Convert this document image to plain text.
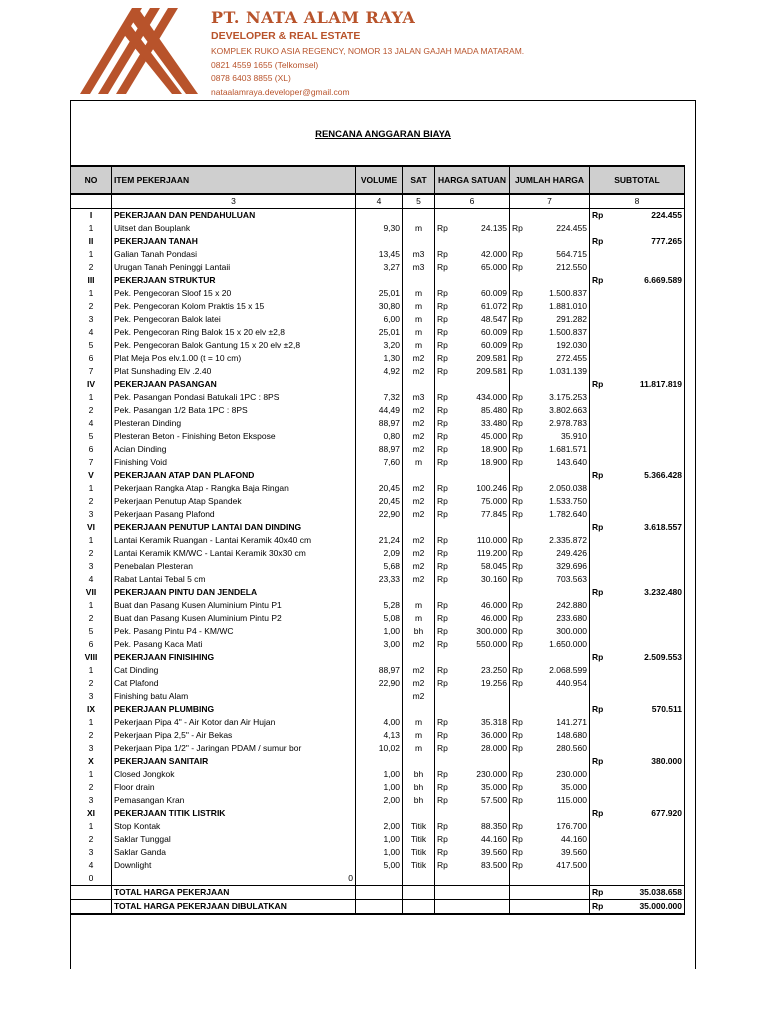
PT. NATA ALAM RAYA
DEVELOPER & REAL ESTATE
KOMPLEK RUKO ASIA REGENCY, NOMOR 13 JALAN GAJAH MADA MATARAM.
0821 4559 1655 (Telkomsel)
0878 6403 8855 (XL)
nataalamraya.developer@gmail.com
RENCANA ANGGARAN BIAYA
NO	ITEM PEKERJAAN	VOLUME	SAT	HARGA SATUAN		JUMLAH HARGA		SUBTOTAL	
	3	4	5	6		7		8	
I	PEKERJAAN DAN PENDAHULUAN							Rp	224.455
1	Uitset dan Bouplank	9,30	m	Rp	24.135	Rp	224.455		
II	PEKERJAAN TANAH							Rp	777.265
1	Galian Tanah Pondasi	13,45	m3	Rp	42.000	Rp	564.715		
2	Urugan Tanah Peninggi Lantaii	3,27	m3	Rp	65.000	Rp	212.550		
III	PEKERJAAN STRUKTUR							Rp	6.669.589
1	Pek. Pengecoran Sloof 15 x 20	25,01	m	Rp	60.009	Rp	1.500.837		
2	Pek. Pengecoran Kolom Praktis 15 x 15	30,80	m	Rp	61.072	Rp	1.881.010		
3	Pek. Pengecoran Balok latei	6,00	m	Rp	48.547	Rp	291.282		
4	Pek. Pengecoran Ring Balok 15 x 20 elv ±2,8	25,01	m	Rp	60.009	Rp	1.500.837		
5	Pek. Pengecoran Balok Gantung 15 x 20 elv ±2,8	3,20	m	Rp	60.009	Rp	192.030		
6	Plat Meja Pos elv.1.00 (t = 10 cm)	1,30	m2	Rp	209.581	Rp	272.455		
7	Plat Sunshading Elv .2.40	4,92	m2	Rp	209.581	Rp	1.031.139		
IV	PEKERJAAN PASANGAN							Rp	11.817.819
1	Pek. Pasangan Pondasi Batukali 1PC : 8PS	7,32	m3	Rp	434.000	Rp	3.175.253		
2	Pek. Pasangan 1/2 Bata 1PC : 8PS	44,49	m2	Rp	85.480	Rp	3.802.663		
4	Plesteran Dinding	88,97	m2	Rp	33.480	Rp	2.978.783		
5	Plesteran Beton - Finishing Beton Ekspose	0,80	m2	Rp	45.000	Rp	35.910		
6	Acian Dinding	88,97	m2	Rp	18.900	Rp	1.681.571		
7	Finishing Void	7,60	m	Rp	18.900	Rp	143.640		
V	PEKERJAAN ATAP DAN PLAFOND							Rp	5.366.428
1	Pekerjaan Rangka Atap - Rangka Baja Ringan	20,45	m2	Rp	100.246	Rp	2.050.038		
2	Pekerjaan Penutup Atap Spandek	20,45	m2	Rp	75.000	Rp	1.533.750		
3	Pekerjaan Pasang Plafond	22,90	m2	Rp	77.845	Rp	1.782.640		
VI	PEKERJAAN PENUTUP LANTAI DAN DINDING							Rp	3.618.557
1	Lantai Keramik Ruangan - Lantai Keramik 40x40 cm	21,24	m2	Rp	110.000	Rp	2.335.872		
2	Lantai Keramik KM/WC - Lantai Keramik 30x30 cm	2,09	m2	Rp	119.200	Rp	249.426		
3	Penebalan Plesteran	5,68	m2	Rp	58.045	Rp	329.696		
4	Rabat Lantai Tebal 5 cm	23,33	m2	Rp	30.160	Rp	703.563		
VII	PEKERJAAN PINTU DAN JENDELA							Rp	3.232.480
1	Buat dan Pasang Kusen Aluminium Pintu P1	5,28	m	Rp	46.000	Rp	242.880		
2	Buat dan Pasang Kusen Aluminium Pintu P2	5,08	m	Rp	46.000	Rp	233.680		
5	Pek. Pasang Pintu P4 - KM/WC	1,00	bh	Rp	300.000	Rp	300.000		
6	Pek. Pasang Kaca Mati	3,00	m2	Rp	550.000	Rp	1.650.000		
VIII	PEKERJAAN FINISIHING							Rp	2.509.553
1	Cat Dinding	88,97	m2	Rp	23.250	Rp	2.068.599		
2	Cat Plafond	22,90	m2	Rp	19.256	Rp	440.954		
3	Finishing batu Alam		m2						
IX	PEKERJAAN PLUMBING							Rp	570.511
1	Pekerjaan Pipa 4" - Air Kotor dan Air Hujan	4,00	m	Rp	35.318	Rp	141.271		
2	Pekerjaan Pipa 2,5" - Air Bekas	4,13	m	Rp	36.000	Rp	148.680		
3	Pekerjaan Pipa 1/2" - Jaringan PDAM / sumur bor	10,02	m	Rp	28.000	Rp	280.560		
X	PEKERJAAN SANITAIR							Rp	380.000
1	Closed Jongkok	1,00	bh	Rp	230.000	Rp	230.000		
2	Floor drain	1,00	bh	Rp	35.000	Rp	35.000		
3	Pemasangan Kran	2,00	bh	Rp	57.500	Rp	115.000		
XI	PEKERJAAN TITIK LISTRIK							Rp	677.920
1	Stop Kontak	2,00	Titik	Rp	88.350	Rp	176.700		
2	Saklar Tunggal	1,00	Titik	Rp	44.160	Rp	44.160		
3	Saklar Ganda	1,00	Titik	Rp	39.560	Rp	39.560		
4	Downlight	5,00	Titik	Rp	83.500	Rp	417.500		
0	0								
	TOTAL HARGA PEKERJAAN							Rp	35.038.658
	TOTAL HARGA PEKERJAAN DIBULATKAN							Rp	35.000.000
